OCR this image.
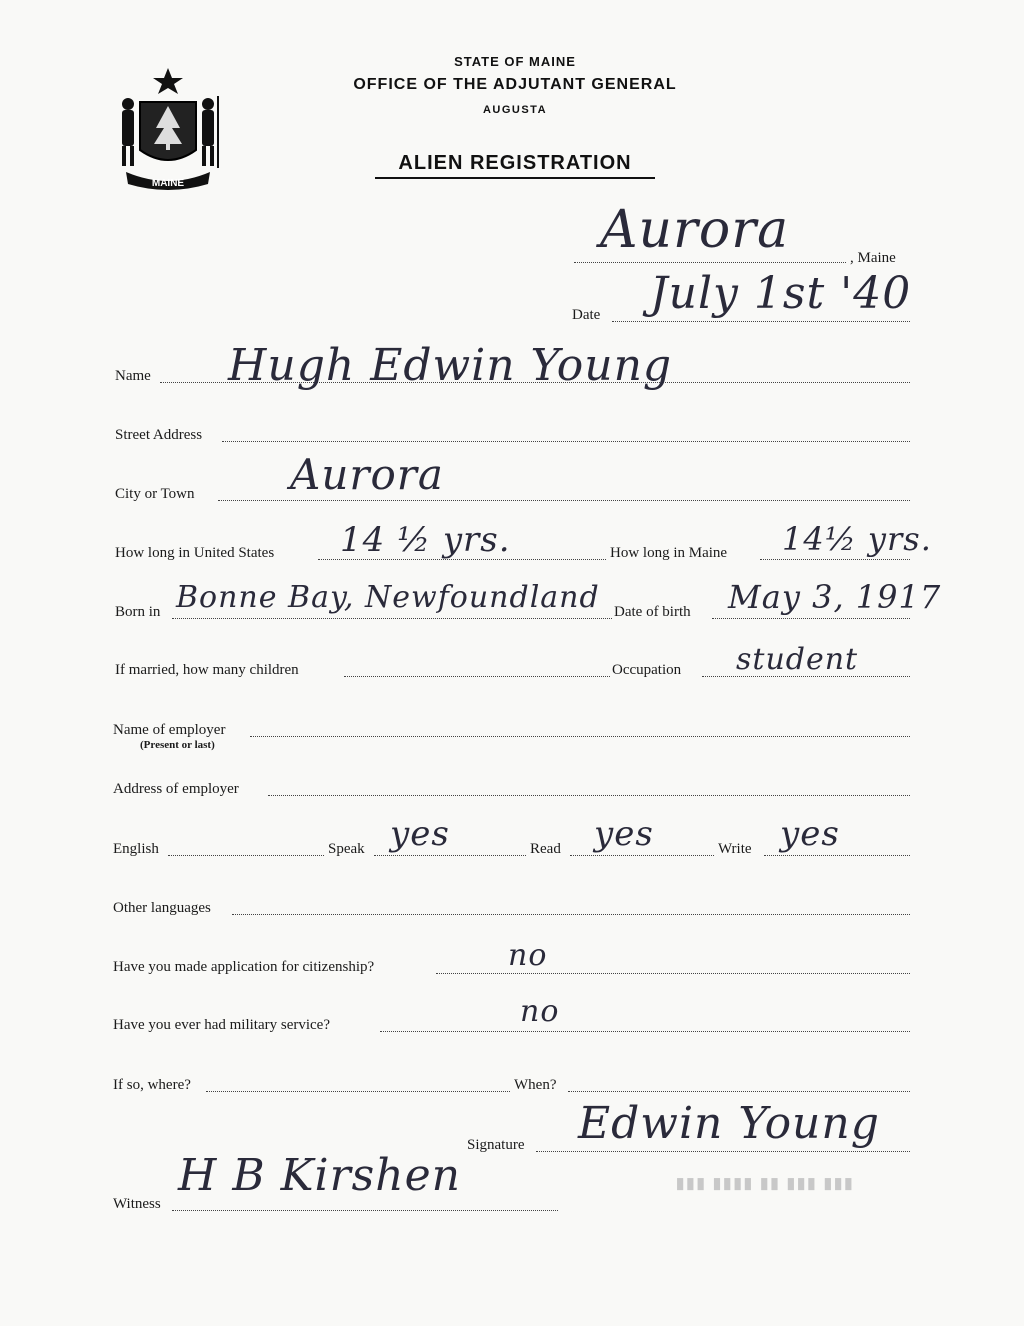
MAINE
STATE OF MAINE
OFFICE OF THE ADJUTANT GENERAL
AUGUSTA
ALIEN REGISTRATION
Aurora	, Maine
Date July 1st '40
Name Hugh Edwin Young
Street Address
City or Town Aurora
How long in United States 14 ½ yrs.	How long in Maine 14½ yrs.
Born in Bonne Bay, Newfoundland Date of birth May 3, 1917
If married, how many children	Occupation student
Name of employer
(Present or last)
Address of employer
English	Speak yes	Read yes	Write yes
Other languages
Have you made application for citizenship?	no
Have you ever had military service?	no
If so, where?	When?
Signature Edwin Young
Witness
H B Kirshen	▮▮▮ ▮▮▮▮ ▮▮ ▮▮▮ ▮▮▮
